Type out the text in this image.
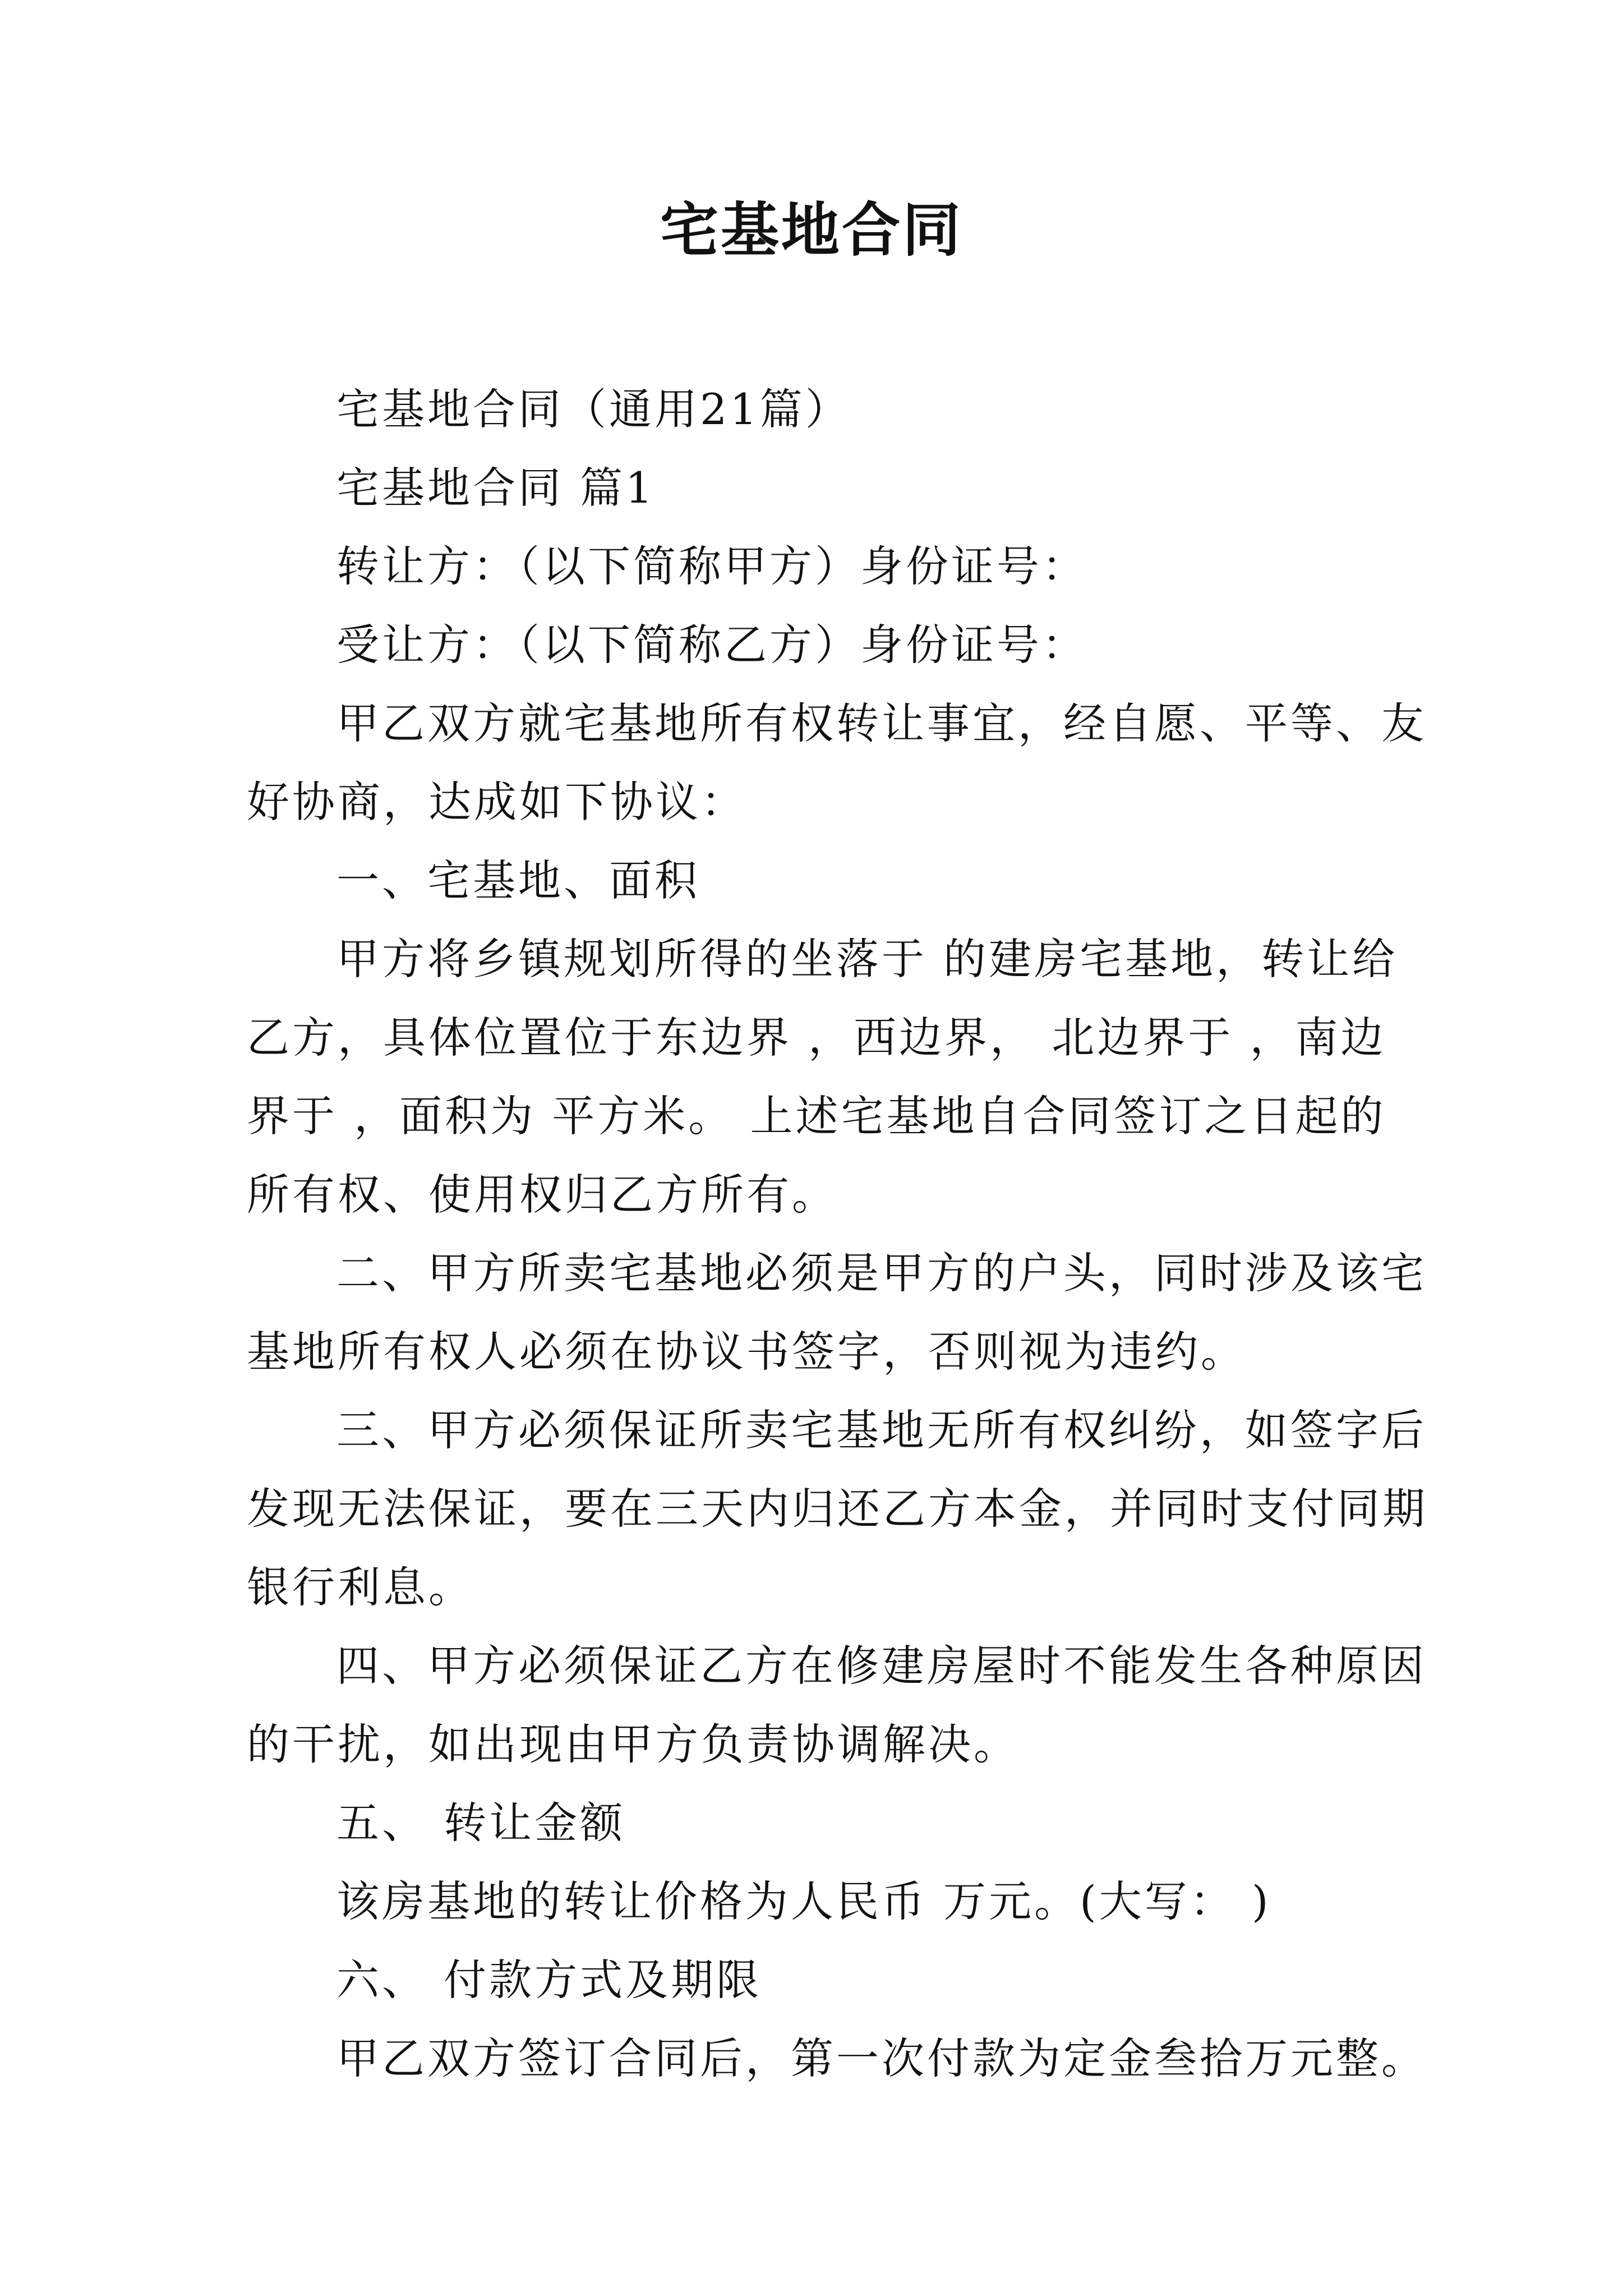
宅基地合同
宅基地合同（通用21篇）
宅基地合同 篇1
转让方：（以下简称甲方）身份证号：
受让方：（以下简称乙方）身份证号：
甲乙双方就宅基地所有权转让事宜，经自愿、平等、友
好协商，达成如下协议：
一、宅基地、面积
甲方将乡镇规划所得的坐落于 的建房宅基地，转让给
乙方，具体位置位于东边界 ，西边界， 北边界于 ，南边
界于 ，面积为 平方米。 上述宅基地自合同签订之日起的
所有权、使用权归乙方所有。
二、甲方所卖宅基地必须是甲方的户头，同时涉及该宅
基地所有权人必须在协议书签字，否则视为违约。
三、甲方必须保证所卖宅基地无所有权纠纷，如签字后
发现无法保证，要在三天内归还乙方本金，并同时支付同期
银行利息。
四、甲方必须保证乙方在修建房屋时不能发生各种原因
的干扰，如出现由甲方负责协调解决。
五、 转让金额
该房基地的转让价格为人民币 万元。(大写： )
六、 付款方式及期限
甲乙双方签订合同后，第一次付款为定金叁拾万元整。
